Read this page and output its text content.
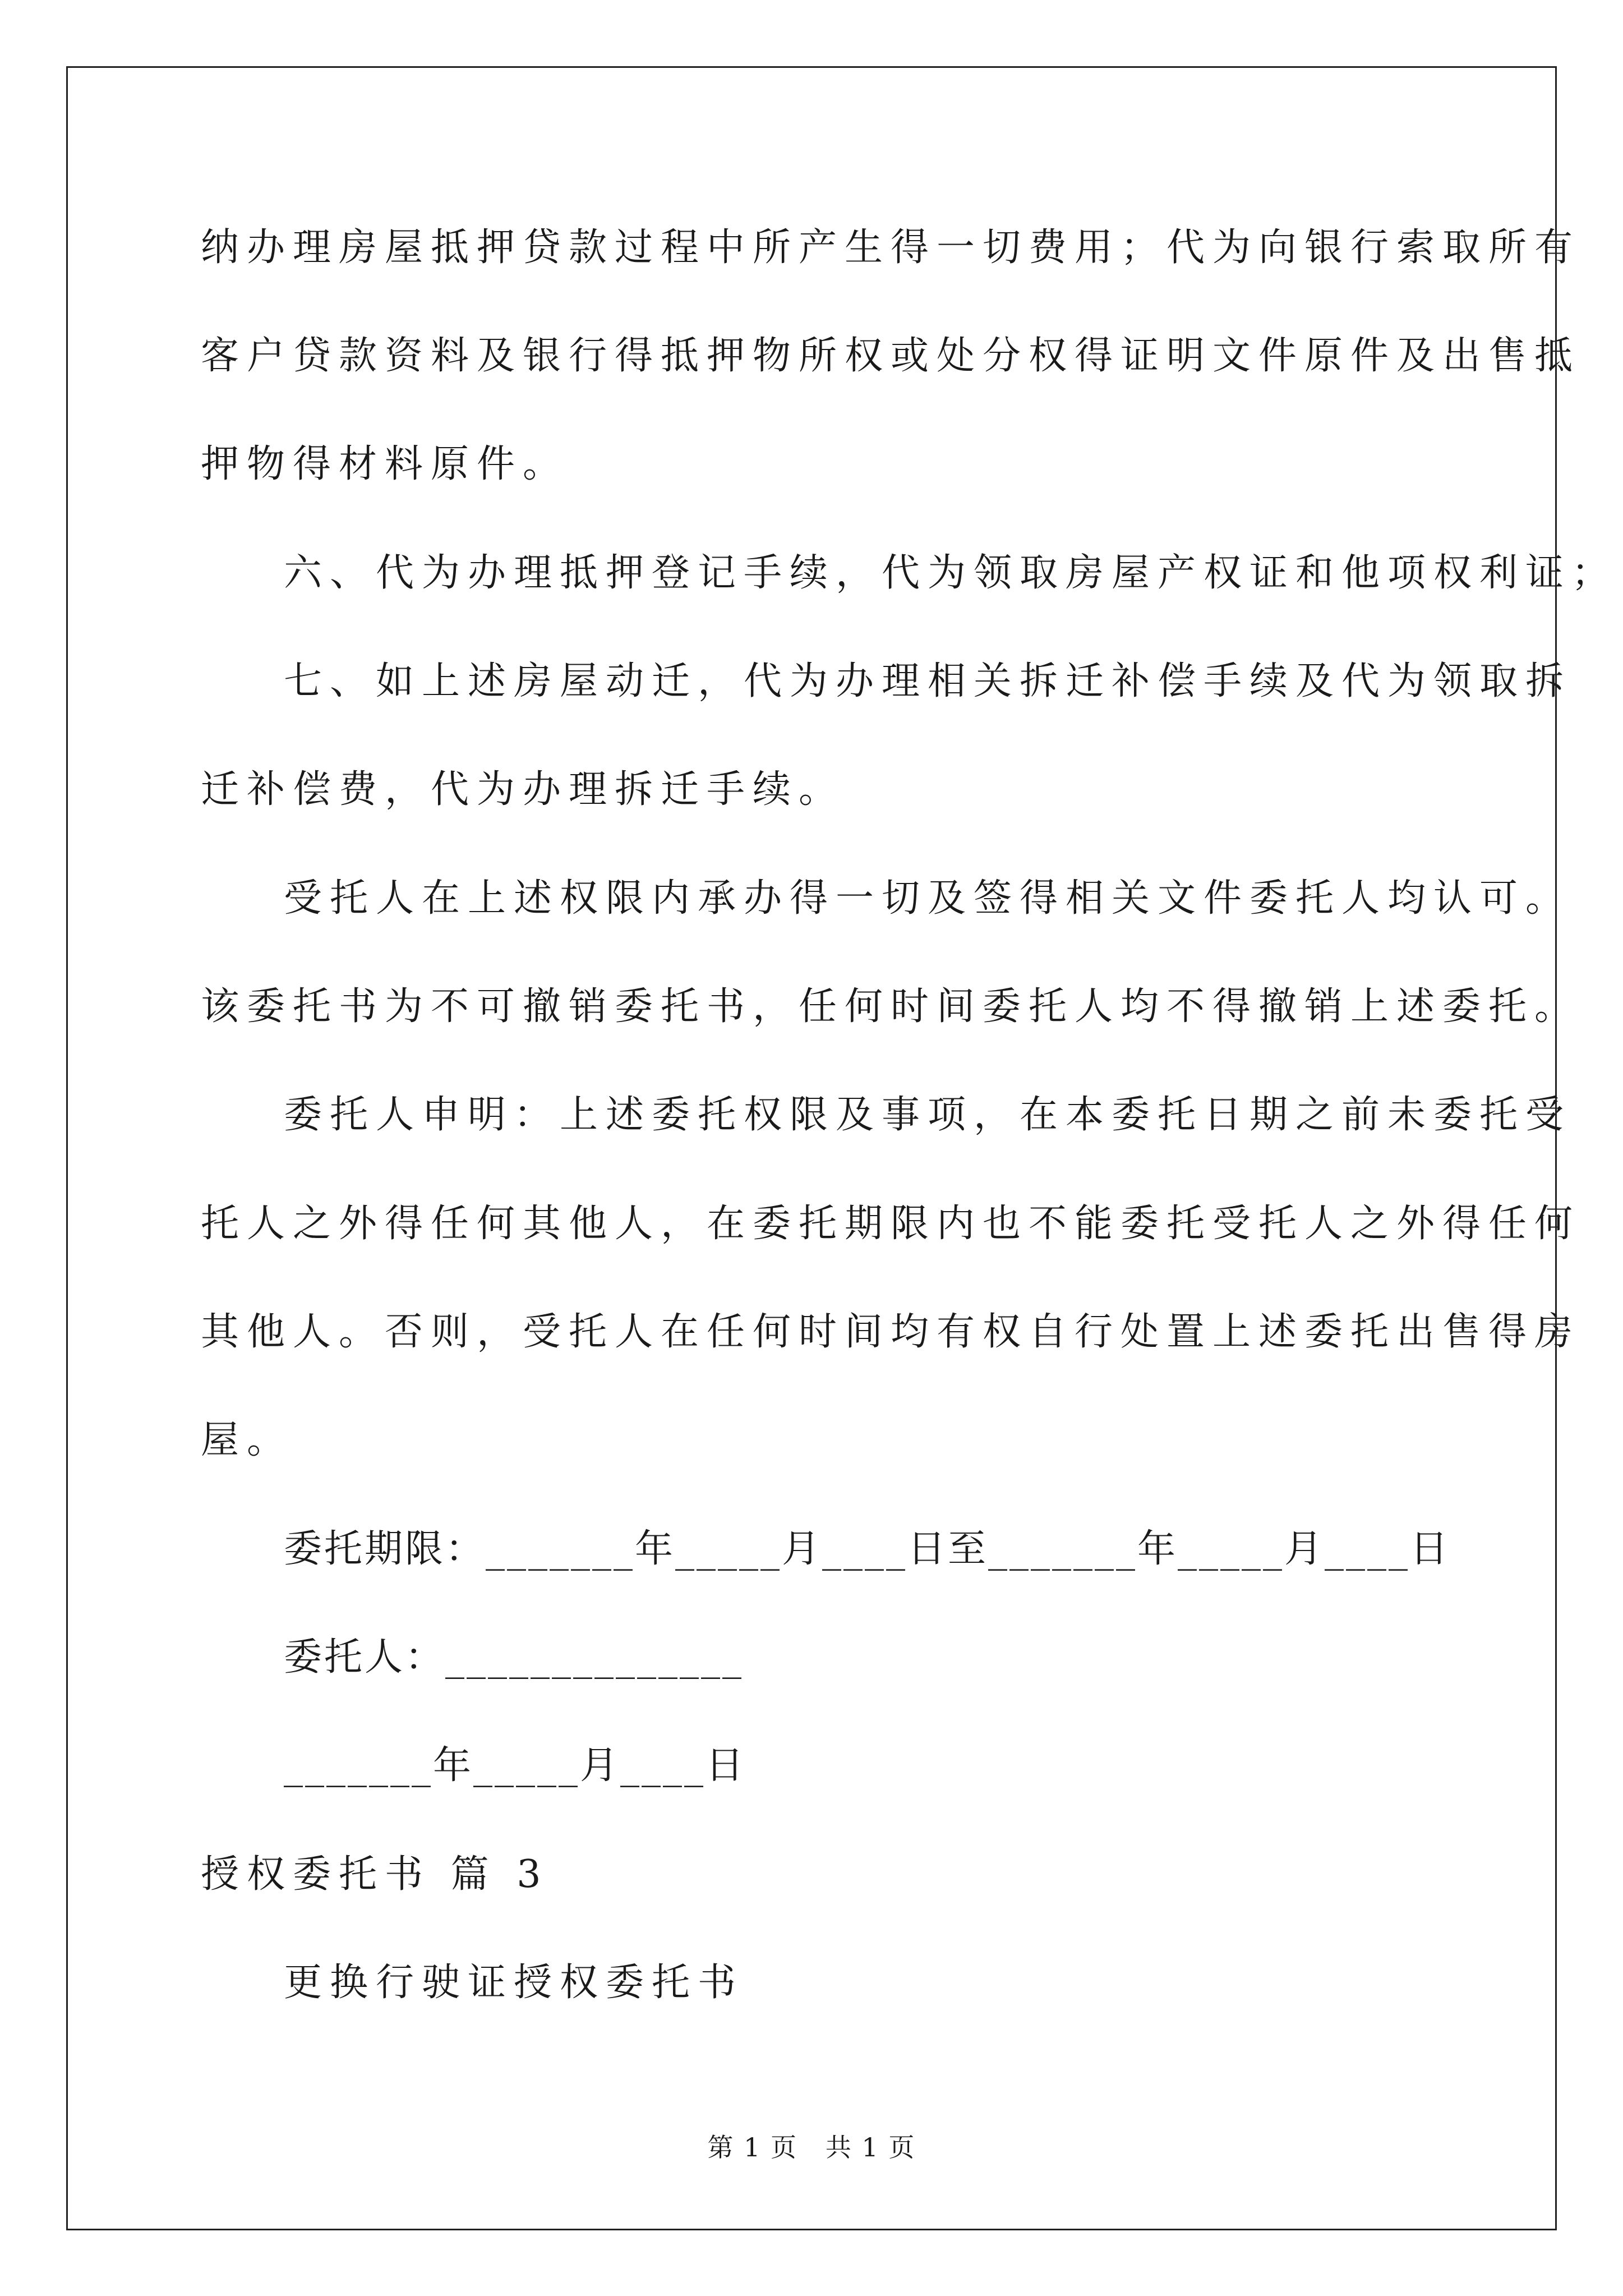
纳办理房屋抵押贷款过程中所产生得一切费用；代为向银行索取所有
客户贷款资料及银行得抵押物所权或处分权得证明文件原件及出售抵
押物得材料原件。
六、代为办理抵押登记手续，代为领取房屋产权证和他项权利证；
七、如上述房屋动迁，代为办理相关拆迁补偿手续及代为领取拆
迁补偿费，代为办理拆迁手续。
受托人在上述权限内承办得一切及签得相关文件委托人均认可。
该委托书为不可撤销委托书，任何时间委托人均不得撤销上述委托。
委托人申明：上述委托权限及事项，在本委托日期之前未委托受
托人之外得任何其他人，在委托期限内也不能委托受托人之外得任何
其他人。否则，受托人在任何时间均有权自行处置上述委托出售得房
屋。
委托期限：_______年_____月____日至_______年_____月____日
委托人：______________
_______年_____月____日
授权委托书 篇 3
更换行驶证授权委托书
第 1 页   共 1 页
